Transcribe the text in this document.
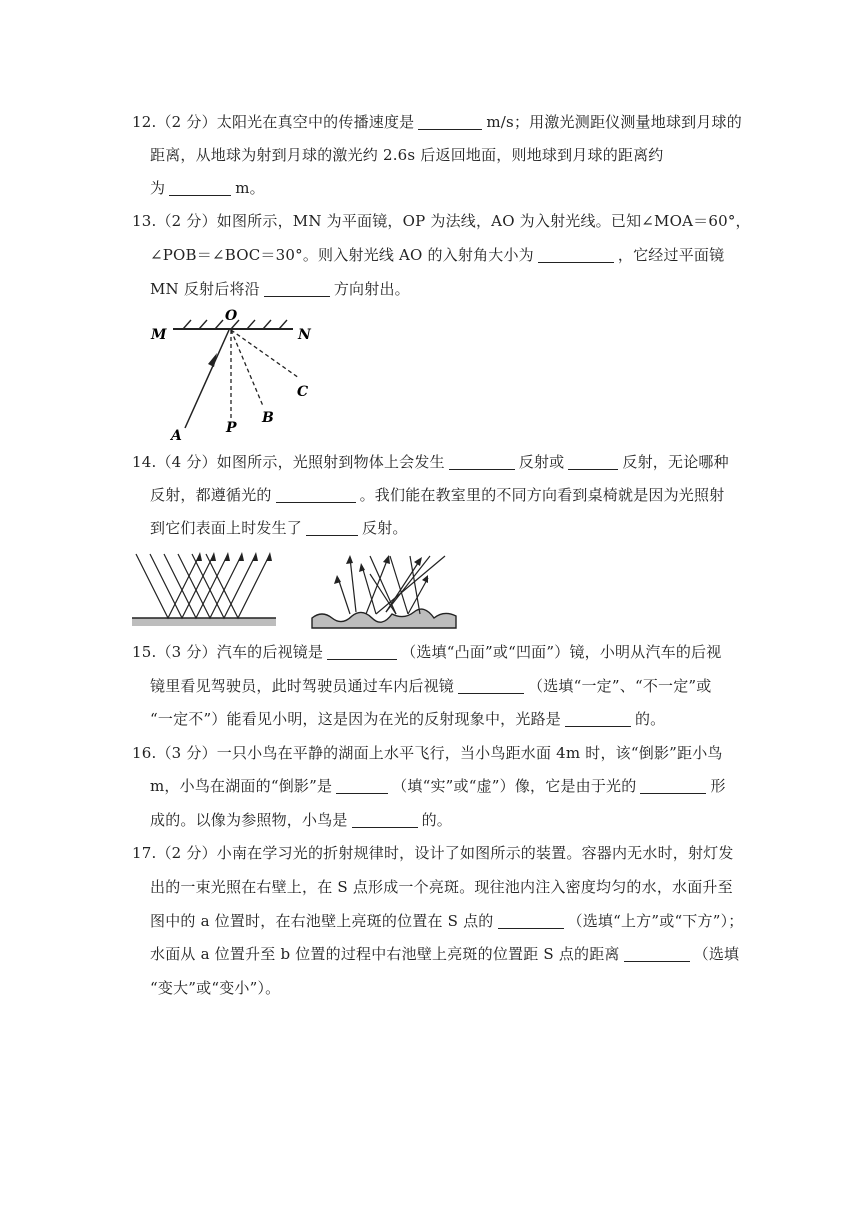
12.（2 分）太阳光在真空中的传播速度是	m/s；用激光测距仪测量地球到月球的
距离，从地球为射到月球的激光约 2.6s 后返回地面，则地球到月球的距离约
为	m。
13.（2 分）如图所示，MN 为平面镜，OP 为法线，AO 为入射光线。已知∠MOA＝60°，
∠POB＝∠BOC＝30°。则入射光线 AO 的入射角大小为	，它经过平面镜
MN 反射后将沿	方向射出。
M
O
N
A	P
B
C
14.（4 分）如图所示，光照射到物体上会发生	反射或	反射，无论哪种
反射，都遵循光的	。我们能在教室里的不同方向看到桌椅就是因为光照射
到它们表面上时发生了	反射。
15.（3 分）汽车的后视镜是	（选填“凸面”或“凹面”）镜，小明从汽车的后视
镜里看见驾驶员，此时驾驶员通过车内后视镜	（选填“一定”、“不一定”或
“一定不”）能看见小明，这是因为在光的反射现象中，光路是	的。
16.（3 分）一只小鸟在平静的湖面上水平飞行，当小鸟距水面 4m 时，该“倒影”距小鸟
m，小鸟在湖面的“倒影”是	（填“实”或“虚”）像，它是由于光的	形
成的。以像为参照物，小鸟是	的。
17.（2 分）小南在学习光的折射规律时，设计了如图所示的装置。容器内无水时，射灯发
出的一束光照在右壁上，在 S 点形成一个亮斑。现往池内注入密度均匀的水，水面升至
图中的 a 位置时，在右池壁上亮斑的位置在 S 点的	（选填“上方”或“下方”）；
水面从 a 位置升至 b 位置的过程中右池壁上亮斑的位置距 S 点的距离	（选填
“变大”或“变小”）。
